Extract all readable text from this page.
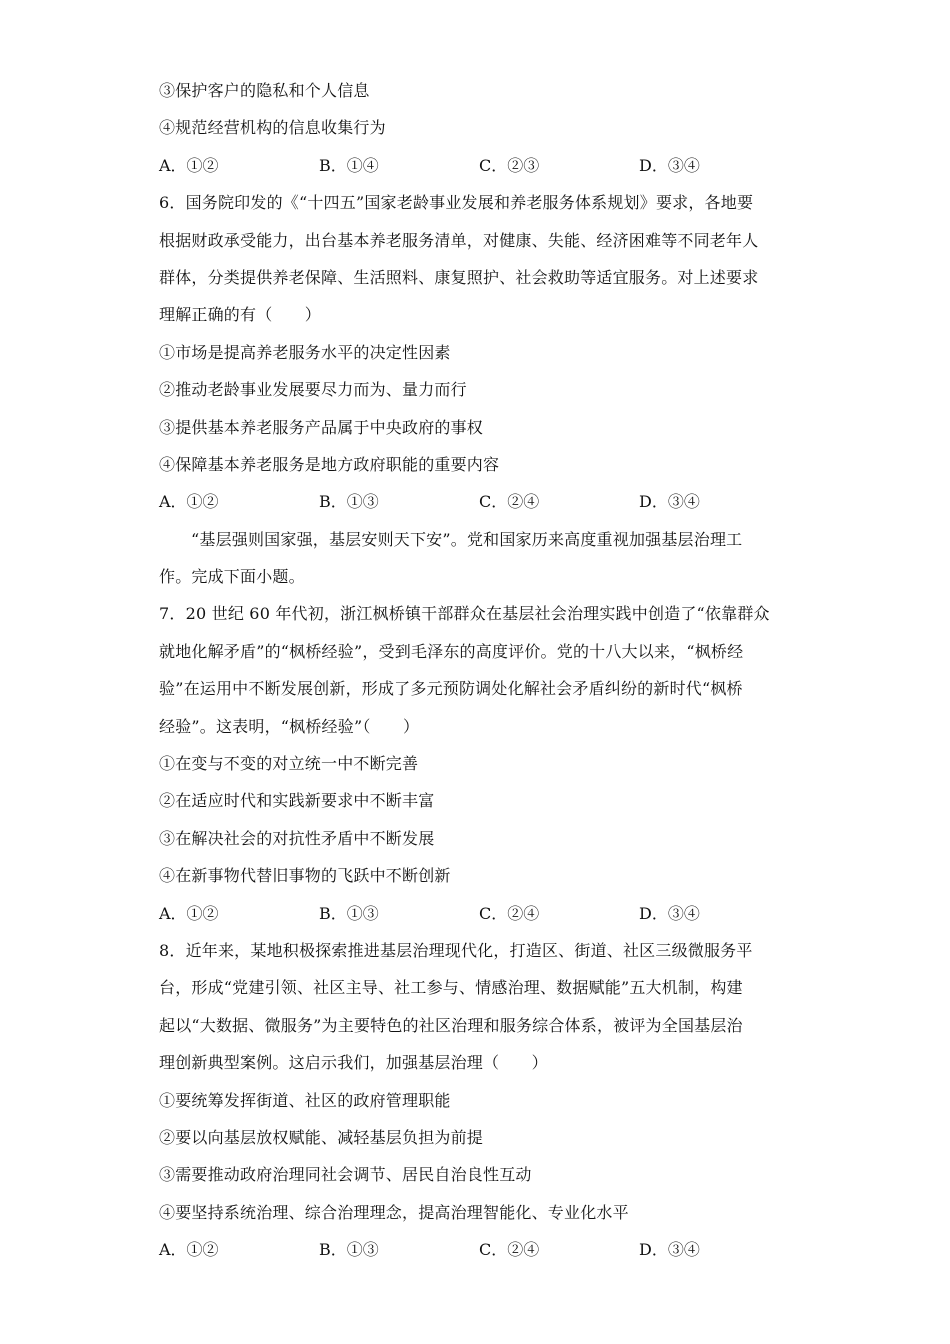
③保护客户的隐私和个人信息
④规范经营机构的信息收集行为
A．①②	B．①④	C．②③	D．③④
6．国务院印发的《“十四五”国家老龄事业发展和养老服务体系规划》要求，各地要
根据财政承受能力，出台基本养老服务清单，对健康、失能、经济困难等不同老年人
群体，分类提供养老保障、生活照料、康复照护、社会救助等适宜服务。对上述要求
理解正确的有（　　）
①市场是提高养老服务水平的决定性因素
②推动老龄事业发展要尽力而为、量力而行
③提供基本养老服务产品属于中央政府的事权
④保障基本养老服务是地方政府职能的重要内容
A．①②	B．①③	C．②④	D．③④
“基层强则国家强，基层安则天下安”。党和国家历来高度重视加强基层治理工
作。完成下面小题。
7．20 世纪 60 年代初，浙江枫桥镇干部群众在基层社会治理实践中创造了“依靠群众
就地化解矛盾”的“枫桥经验”，受到毛泽东的高度评价。党的十八大以来，“枫桥经
验”在运用中不断发展创新，形成了多元预防调处化解社会矛盾纠纷的新时代“枫桥
经验”。这表明，“枫桥经验”（　　）
①在变与不变的对立统一中不断完善
②在适应时代和实践新要求中不断丰富
③在解决社会的对抗性矛盾中不断发展
④在新事物代替旧事物的飞跃中不断创新
A．①②	B．①③	C．②④	D．③④
8．近年来，某地积极探索推进基层治理现代化，打造区、街道、社区三级微服务平
台，形成“党建引领、社区主导、社工参与、情感治理、数据赋能”五大机制，构建
起以“大数据、微服务”为主要特色的社区治理和服务综合体系，被评为全国基层治
理创新典型案例。这启示我们，加强基层治理（　　）
①要统筹发挥街道、社区的政府管理职能
②要以向基层放权赋能、减轻基层负担为前提
③需要推动政府治理同社会调节、居民自治良性互动
④要坚持系统治理、综合治理理念，提高治理智能化、专业化水平
A．①②	B．①③	C．②④	D．③④
